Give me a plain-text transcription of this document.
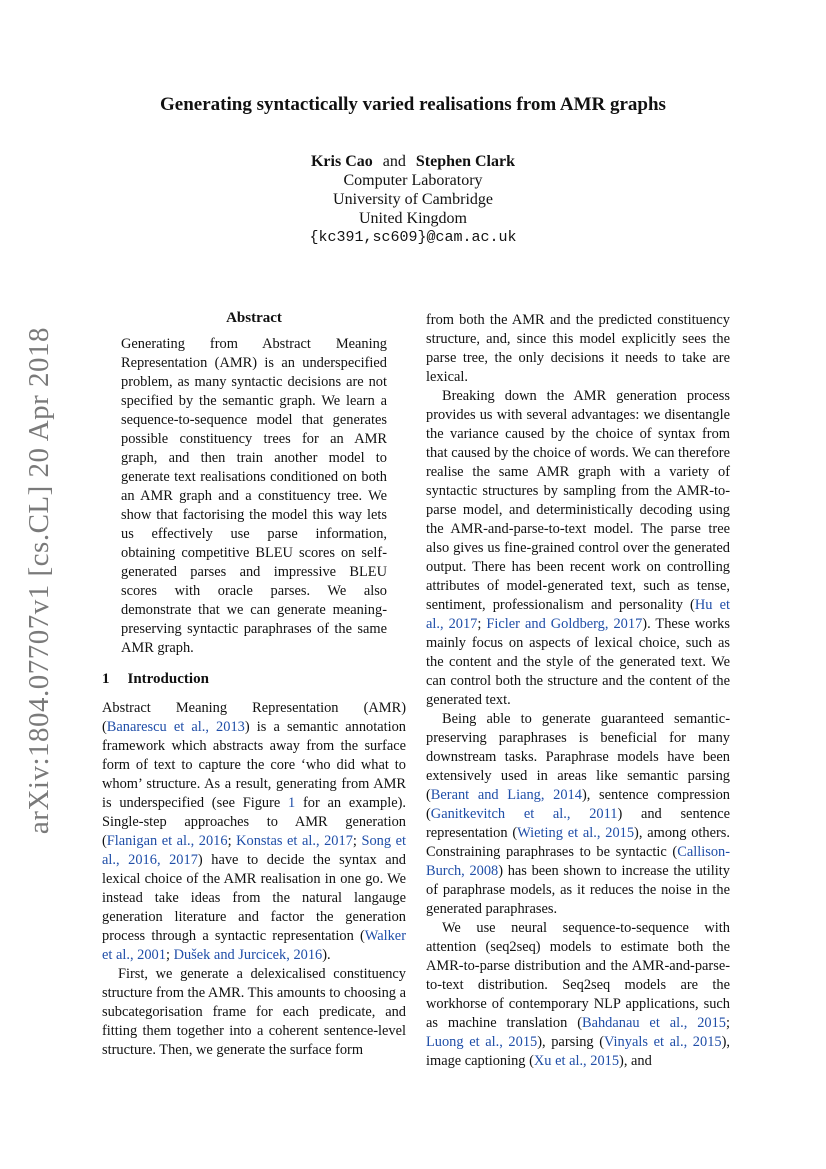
arXiv:1804.07707v1 [cs.CL] 20 Apr 2018
Generating syntactically varied realisations from AMR graphs
Kris Cao and Stephen Clark
Computer Laboratory
University of Cambridge
United Kingdom
{kc391,sc609}@cam.ac.uk
Abstract

Generating from Abstract Meaning Representation (AMR) is an underspecified problem, as many syntactic decisions are not specified by the semantic graph. We learn a sequence-to-sequence model that generates possible constituency trees for an AMR graph, and then train another model to generate text realisations conditioned on both an AMR graph and a constituency tree. We show that factorising the model this way lets us effectively use parse information, obtaining competitive BLEU scores on self-generated parses and impressive BLEU scores with oracle parses. We also demonstrate that we can generate meaning-preserving syntactic paraphrases of the same AMR graph.

1 Introduction

Abstract Meaning Representation (AMR) (Banarescu et al., 2013) is a semantic annotation framework which abstracts away from the surface form of text to capture the core ‘who did what to whom’ structure. As a result, generating from AMR is underspecified (see Figure 1 for an example). Single-step approaches to AMR generation (Flanigan et al., 2016; Konstas et al., 2017; Song et al., 2016, 2017) have to decide the syntax and lexical choice of the AMR realisation in one go. We instead take ideas from the natural langauge generation literature and factor the generation process through a syntactic representation (Walker et al., 2001; Dušek and Jurcicek, 2016).

First, we generate a delexicalised constituency structure from the AMR. This amounts to choosing a subcategorisation frame for each predicate, and fitting them together into a coherent sentence-level structure. Then, we generate the surface form

from both the AMR and the predicted constituency structure, and, since this model explicitly sees the parse tree, the only decisions it needs to take are lexical.

Breaking down the AMR generation process provides us with several advantages: we disentangle the variance caused by the choice of syntax from that caused by the choice of words. We can therefore realise the same AMR graph with a variety of syntactic structures by sampling from the AMR-to-parse model, and deterministically decoding using the AMR-and-parse-to-text model. The parse tree also gives us fine-grained control over the generated output. There has been recent work on controlling attributes of model-generated text, such as tense, sentiment, professionalism and personality (Hu et al., 2017; Ficler and Goldberg, 2017). These works mainly focus on aspects of lexical choice, such as the content and the style of the generated text. We can control both the structure and the content of the generated text.

Being able to generate guaranteed semantic-preserving paraphrases is beneficial for many downstream tasks. Paraphrase models have been extensively used in areas like semantic parsing (Berant and Liang, 2014), sentence compression (Ganitkevitch et al., 2011) and sentence representation (Wieting et al., 2015), among others. Constraining paraphrases to be syntactic (Callison-Burch, 2008) has been shown to increase the utility of paraphrase models, as it reduces the noise in the generated paraphrases.

We use neural sequence-to-sequence with attention (seq2seq) models to estimate both the AMR-to-parse distribution and the AMR-and-parse-to-text distribution. Seq2seq models are the workhorse of contemporary NLP applications, such as machine translation (Bahdanau et al., 2015; Luong et al., 2015), parsing (Vinyals et al., 2015), image captioning (Xu et al., 2015), and
